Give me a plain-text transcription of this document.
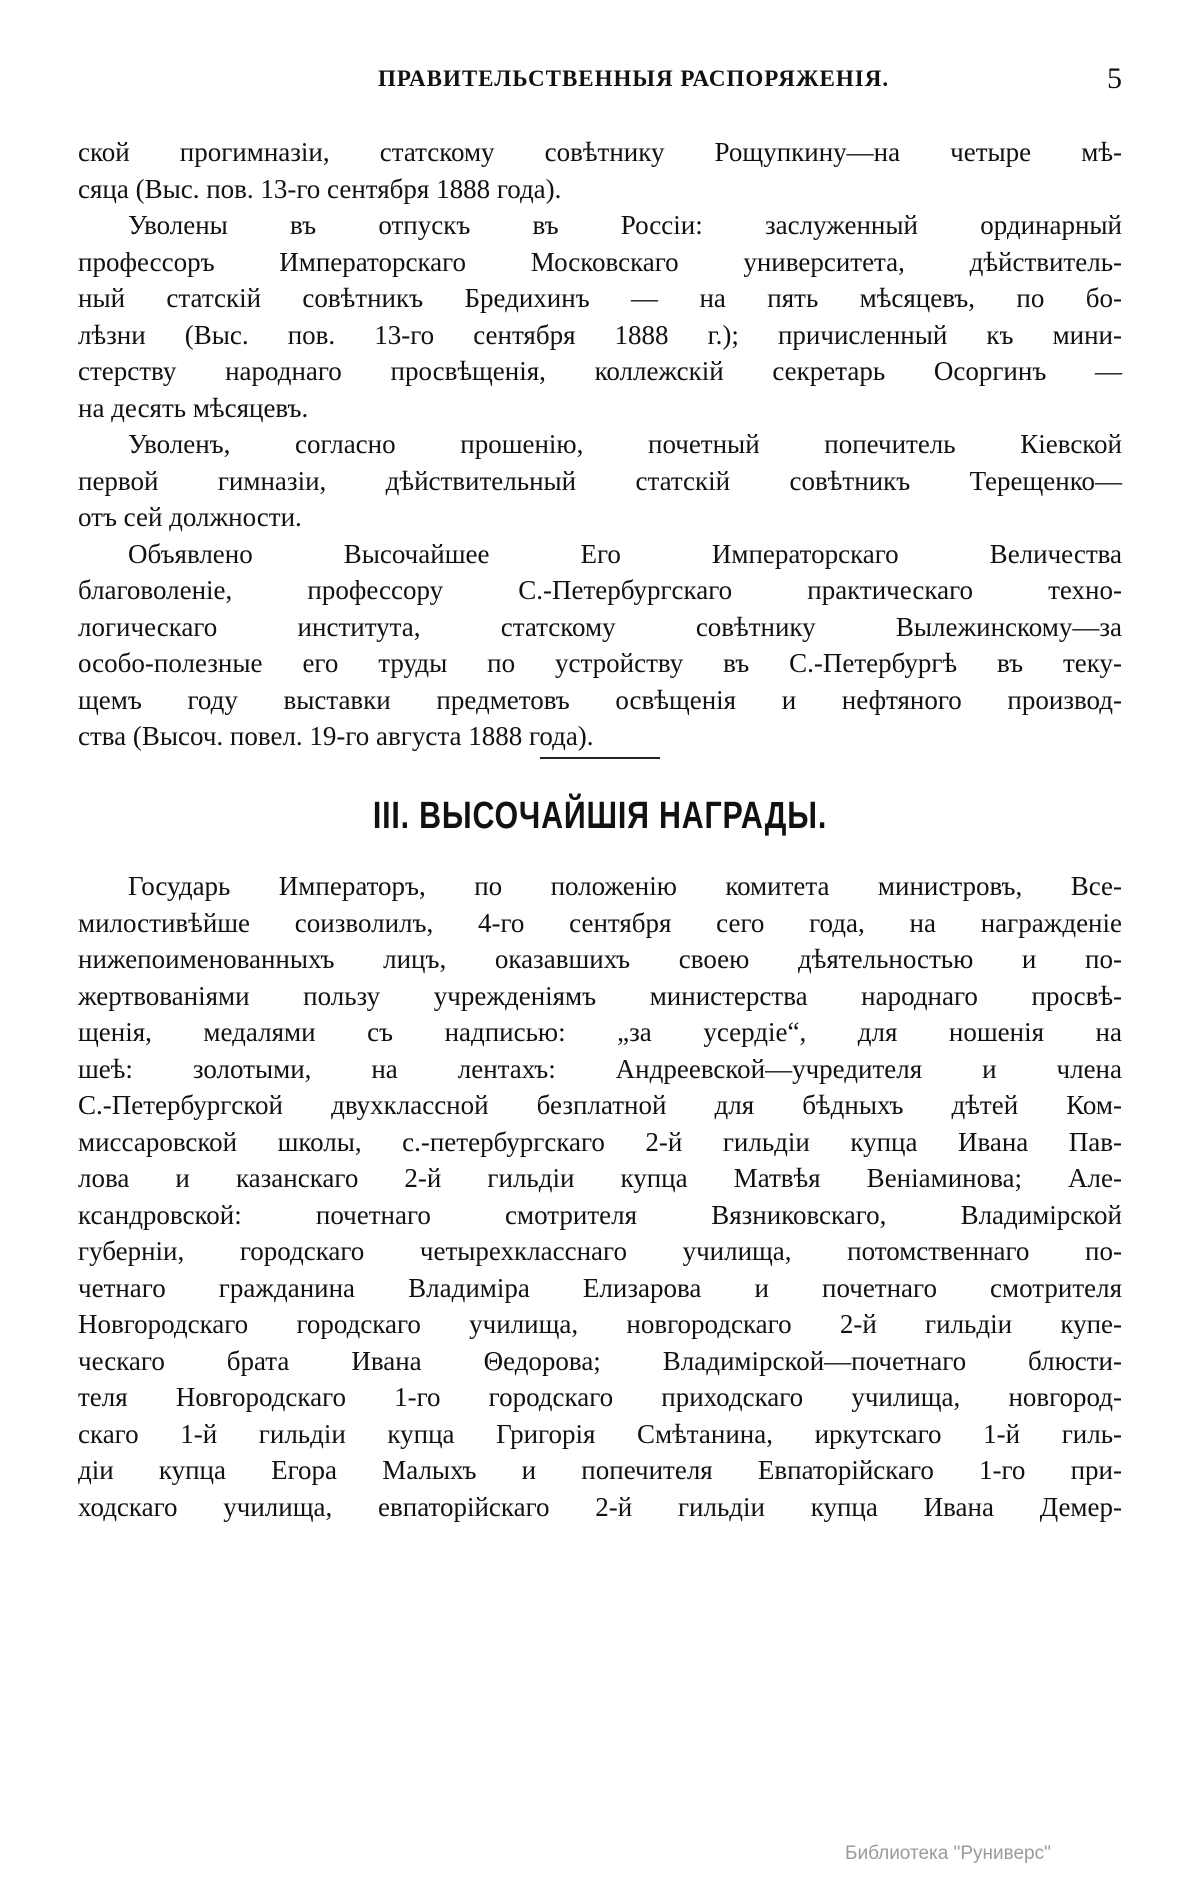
ПРАВИТЕЛЬСТВЕННЫЯ РАСПОРЯЖЕНІЯ.	5
ской прогимназіи, статскому совѣтнику Рощупкину—на четыре мѣ-
сяца (Выс. пов. 13-го сентября 1888 года).
Уволены въ отпускъ въ Россіи: заслуженный ординарный
профессоръ Императорскаго Московскаго университета, дѣйствитель-
ный статскій совѣтникъ Бредихинъ — на пять мѣсяцевъ, по бо-
лѣзни (Выс. пов. 13-го сентября 1888 г.); причисленный къ мини-
стерству народнаго просвѣщенія, коллежскій секретарь Осоргинъ —
на десять мѣсяцевъ.
Уволенъ, согласно прошенію, почетный попечитель Кіевской
первой гимназіи, дѣйствительный статскій совѣтникъ Терещенко—
отъ сей должности.
Объявлено Высочайшее Его Императорскаго Величества
благоволеніе, профессору С.-Петербургскаго практическаго техно-
логическаго института, статскому совѣтнику Вылежинскому—за
особо-полезные его труды по устройству въ С.-Петербургѣ въ теку-
щемъ году выставки предметовъ освѣщенія и нефтяного производ-
ства (Высоч. повел. 19-го августа 1888 года).
III. ВЫСОЧАЙШІЯ НАГРАДЫ.
Государь Императоръ, по положенію комитета министровъ, Все-
милостивѣйше соизволилъ, 4-го сентября сего года, на награжденіе
нижепоименованныхъ лицъ, оказавшихъ своею дѣятельностью и по-
жертвованіями пользу учрежденіямъ министерства народнаго просвѣ-
щенія, медалями съ надписью: „за усердіе“, для ношенія на
шеѣ: золотыми, на лентахъ: Андреевской—учредителя и члена
С.-Петербургской двухклассной безплатной для бѣдныхъ дѣтей Ком-
миссаровской школы, с.-петербургскаго 2-й гильдіи купца Ивана Пав-
лова и казанскаго 2-й гильдіи купца Матвѣя Веніаминова; Але-
ксандровской: почетнаго смотрителя Вязниковскаго, Владимірской
губерніи, городскаго четырехкласснаго училища, потомственнаго по-
четнаго гражданина Владиміра Елизарова и почетнаго смотрителя
Новгородскаго городскаго училища, новгородскаго 2-й гильдіи купе-
ческаго брата Ивана Θедорова; Владимірской—почетнаго блюсти-
теля Новгородскаго 1-го городскаго приходскаго училища, новгород-
скаго 1-й гильдіи купца Григорія Смѣтанина, иркутскаго 1-й гиль-
діи купца Егора Малыхъ и попечителя Евпаторійскаго 1-го при-
ходскаго училища, евпаторійскаго 2-й гильдіи купца Ивана Демер-
Библиотека "Руниверс"
